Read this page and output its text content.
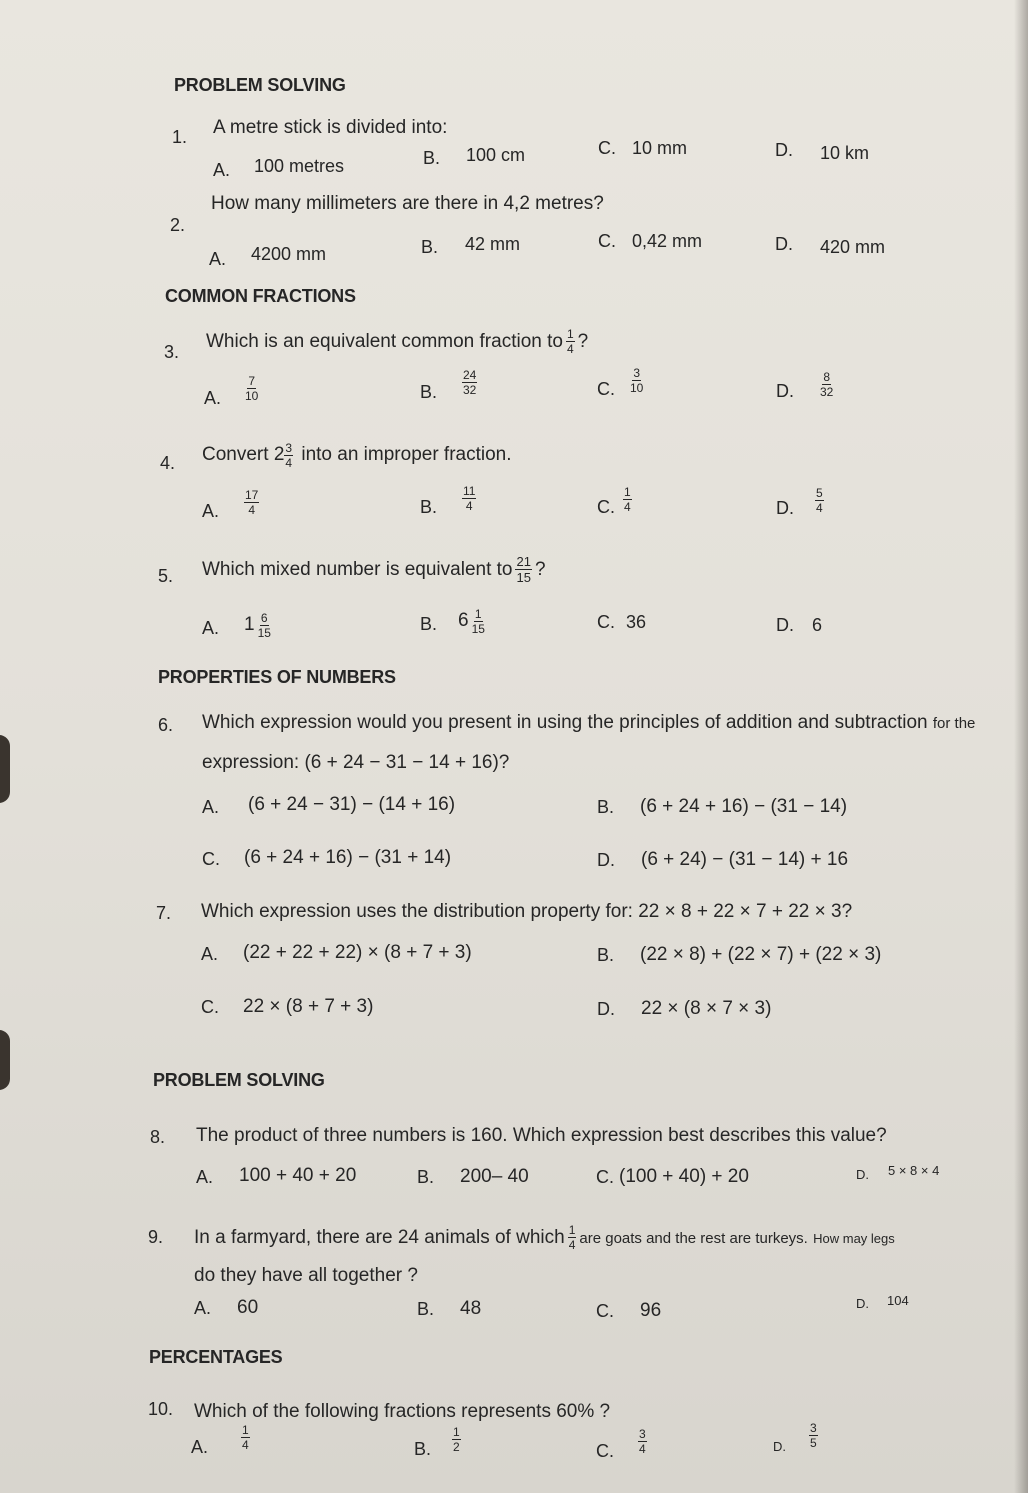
PROBLEM SOLVING
1. A metre stick is divided into:
A. 100 metres	B. 100 cm	C. 10 mm	D. 10 km
2.
How many millimeters are there in 4,2 metres?
A. 4200 mm	B. 42 mm	C. 0,42 mm	D. 420 mm
COMMON FRACTIONS
3. Which is an equivalent common fraction to $\frac{1}{4}$ ?
A. $\frac{7}{10}$	B. $\frac{24}{32}$	C. $\frac{3}{10}$	D. $\frac{8}{32}$
4. Convert $2 \frac{3}{4}$ into an improper fraction.
A. $\frac{17}{4}$	B. $\frac{11}{4}$	C. $\frac{1}{4}$	D. $\frac{5}{4}$
5. Which mixed number is equivalent to $\frac{21}{15}$ ?
A. $1 \frac{6}{15}$	B. $6 \frac{1}{15}$	C. 36	D. 6
PROPERTIES OF NUMBERS
6. Which expression would you present in using the principles of addition and subtraction for the
expression: (6 + 24 − 31 − 14 + 16)?
A. (6 + 24 − 31) − (14 + 16)	B. (6 + 24 + 16) − (31 − 14)
C. (6 + 24 + 16) − (31 + 14)	D. (6 + 24) − (31 − 14) + 16
7. Which expression uses the distribution property for: 22 × 8 + 22 × 7 + 22 × 3?
A. (22 + 22 + 22) × (8 + 7 + 3)	B. (22 × 8) + (22 × 7) + (22 × 3)
C. 22 × (8 + 7 + 3)	D. 22 × (8 × 7 × 3)
PROBLEM SOLVING
8. The product of three numbers is 160. Which expression best describes this value?
A. 100 + 40 + 20	B. 200– 40	C. (100 + 40) + 20	D. 5 × 8 × 4
9. In a farmyard, there are 24 animals of which $\frac{1}{4}$ are goats and the rest are turkeys. How may legs
do they have all together ?
A. 60	B. 48	C. 96	D. 104
PERCENTAGES
10. Which of the following fractions represents 60% ?
A.	$\frac{1}{4}$	B. $\frac{1}{2}$	C. $\frac{3}{4}$	D. $\frac{3}{5}$
